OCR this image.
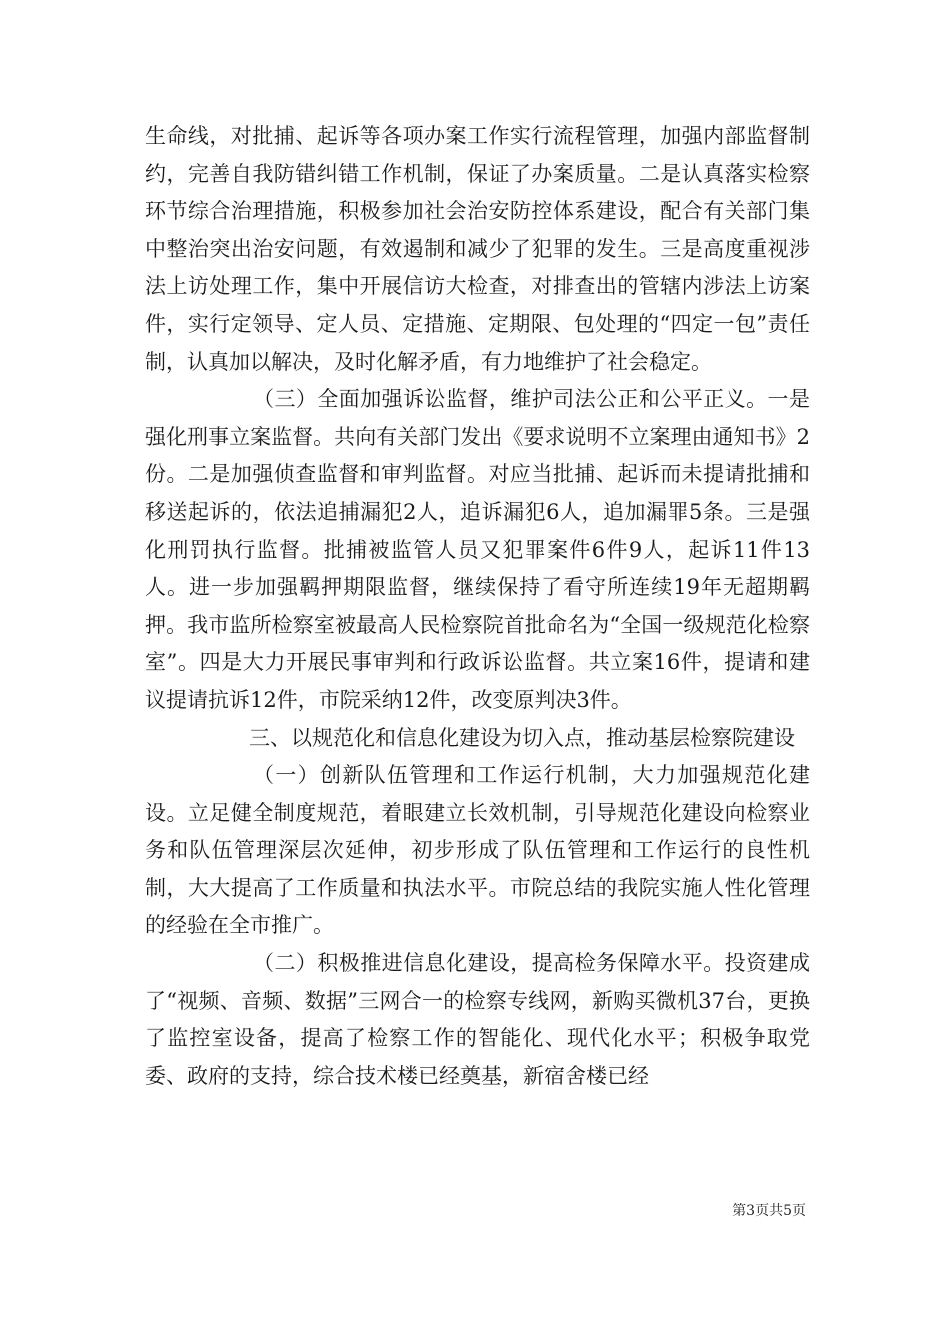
生命线，对批捕、起诉等各项办案工作实行流程管理，加强内部监督制约，完善自我防错纠错工作机制，保证了办案质量。二是认真落实检察环节综合治理措施，积极参加社会治安防控体系建设，配合有关部门集中整治突出治安问题，有效遏制和减少了犯罪的发生。三是高度重视涉法上访处理工作，集中开展信访大检查，对排查出的管辖内涉法上访案件，实行定领导、定人员、定措施、定期限、包处理的“四定一包”责任制，认真加以解决，及时化解矛盾，有力地维护了社会稳定。

（三）全面加强诉讼监督，维护司法公正和公平正义。一是强化刑事立案监督。共向有关部门发出《要求说明不立案理由通知书》2份。二是加强侦查监督和审判监督。对应当批捕、起诉而未提请批捕和移送起诉的，依法追捕漏犯2人，追诉漏犯6人，追加漏罪5条。三是强化刑罚执行监督。批捕被监管人员又犯罪案件6件9人，起诉11件13人。进一步加强羁押期限监督，继续保持了看守所连续19年无超期羁押。我市监所检察室被最高人民检察院首批命名为“全国一级规范化检察室”。四是大力开展民事审判和行政诉讼监督。共立案16件，提请和建议提请抗诉12件，市院采纳12件，改变原判决3件。

三、以规范化和信息化建设为切入点，推动基层检察院建设

（一）创新队伍管理和工作运行机制，大力加强规范化建设。立足健全制度规范，着眼建立长效机制，引导规范化建设向检察业务和队伍管理深层次延伸，初步形成了队伍管理和工作运行的良性机制，大大提高了工作质量和执法水平。市院总结的我院实施人性化管理的经验在全市推广。

（二）积极推进信息化建设，提高检务保障水平。投资建成了“视频、音频、数据”三网合一的检察专线网，新购买微机37台，更换了监控室设备，提高了检察工作的智能化、现代化水平；积极争取党委、政府的支持，综合技术楼已经奠基，新宿舍楼已经

第3页共5页
